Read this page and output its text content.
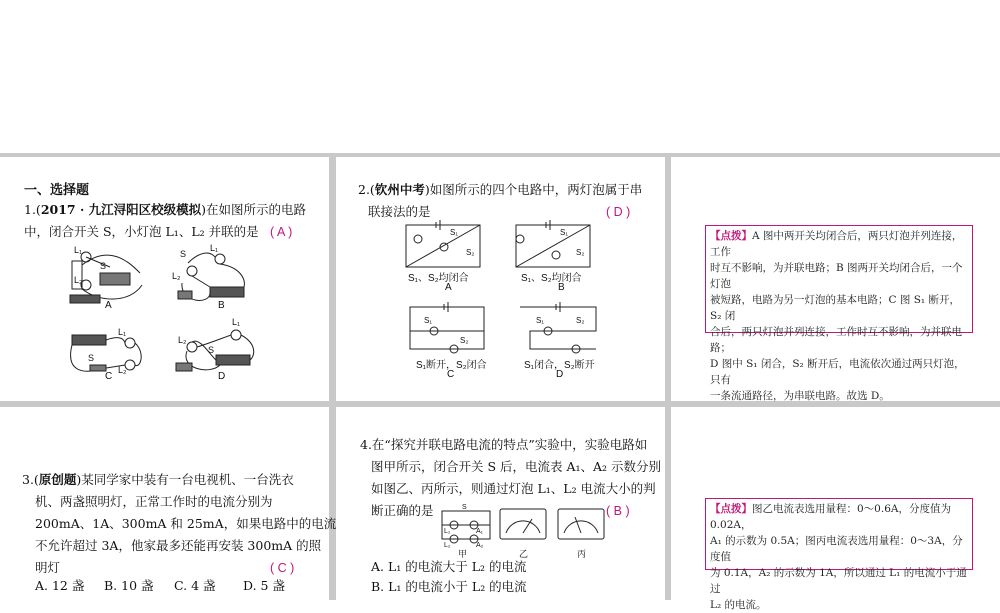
一、选择题
1.(2017 · 九江浔阳区校级模拟)在如图所示的电路
中，闭合开关 S，小灯泡 L₁、L₂ 并联的是 ( A )
L₁
L₂
S
S
L₁
L₂
L₁
L₂
S
L₁
L₂
S
A	B
C	D
2.(钦州中考)如图所示的四个电路中，两灯泡属于串
联接法的是	( D )
S₁
S₂
S₁
S₂
S₁
S₂
S₁	S₂
S₁、S₂均闭合	S₁、S₂均闭合
A	B
S₁断开，S₂闭合	S₁闭合，S₂断开
C	D
【点拨】A 图中两开关均闭合后，两只灯泡并列连接，工作
时互不影响，为并联电路；B 图两开关均闭合后，一个灯泡
被短路，电路为另一灯泡的基本电路；C 图 S₁ 断开，S₂ 闭
合后，两只灯泡并列连接，工作时互不影响，为并联电路；
D 图中 S₁ 闭合，S₂ 断开后，电流依次通过两只灯泡，只有
一条流通路径，为串联电路。故选 D。
3.(原创题)某同学家中装有一台电视机、一台洗衣
机、两盏照明灯，正常工作时的电流分别为
200mA、1A、300mA 和 25mA，如果电路中的电流
不允许超过 3A，他家最多还能再安装 300mA 的照
明灯	( C )
A. 12 盏 B. 10 盏 C. 4 盏 D. 5 盏
4.在“探究并联电路电流的特点”实验中，实验电路如
图甲所示，闭合开关 S 后，电流表 A₁、A₂ 示数分别
如图乙、丙所示，则通过灯泡 L₁、L₂ 电流大小的判
断正确的是	( B )
S
L₁
L₂
A₁
A₂
甲	乙	丙
A. L₁ 的电流大于 L₂ 的电流
B. L₁ 的电流小于 L₂ 的电流
【点拨】图乙电流表选用量程：0～0.6A，分度值为 0.02A，
A₁ 的示数为 0.5A；图丙电流表选用量程：0～3A，分度值
为 0.1A，A₂ 的示数为 1A，所以通过 L₁ 的电流小于通过
L₂ 的电流。
